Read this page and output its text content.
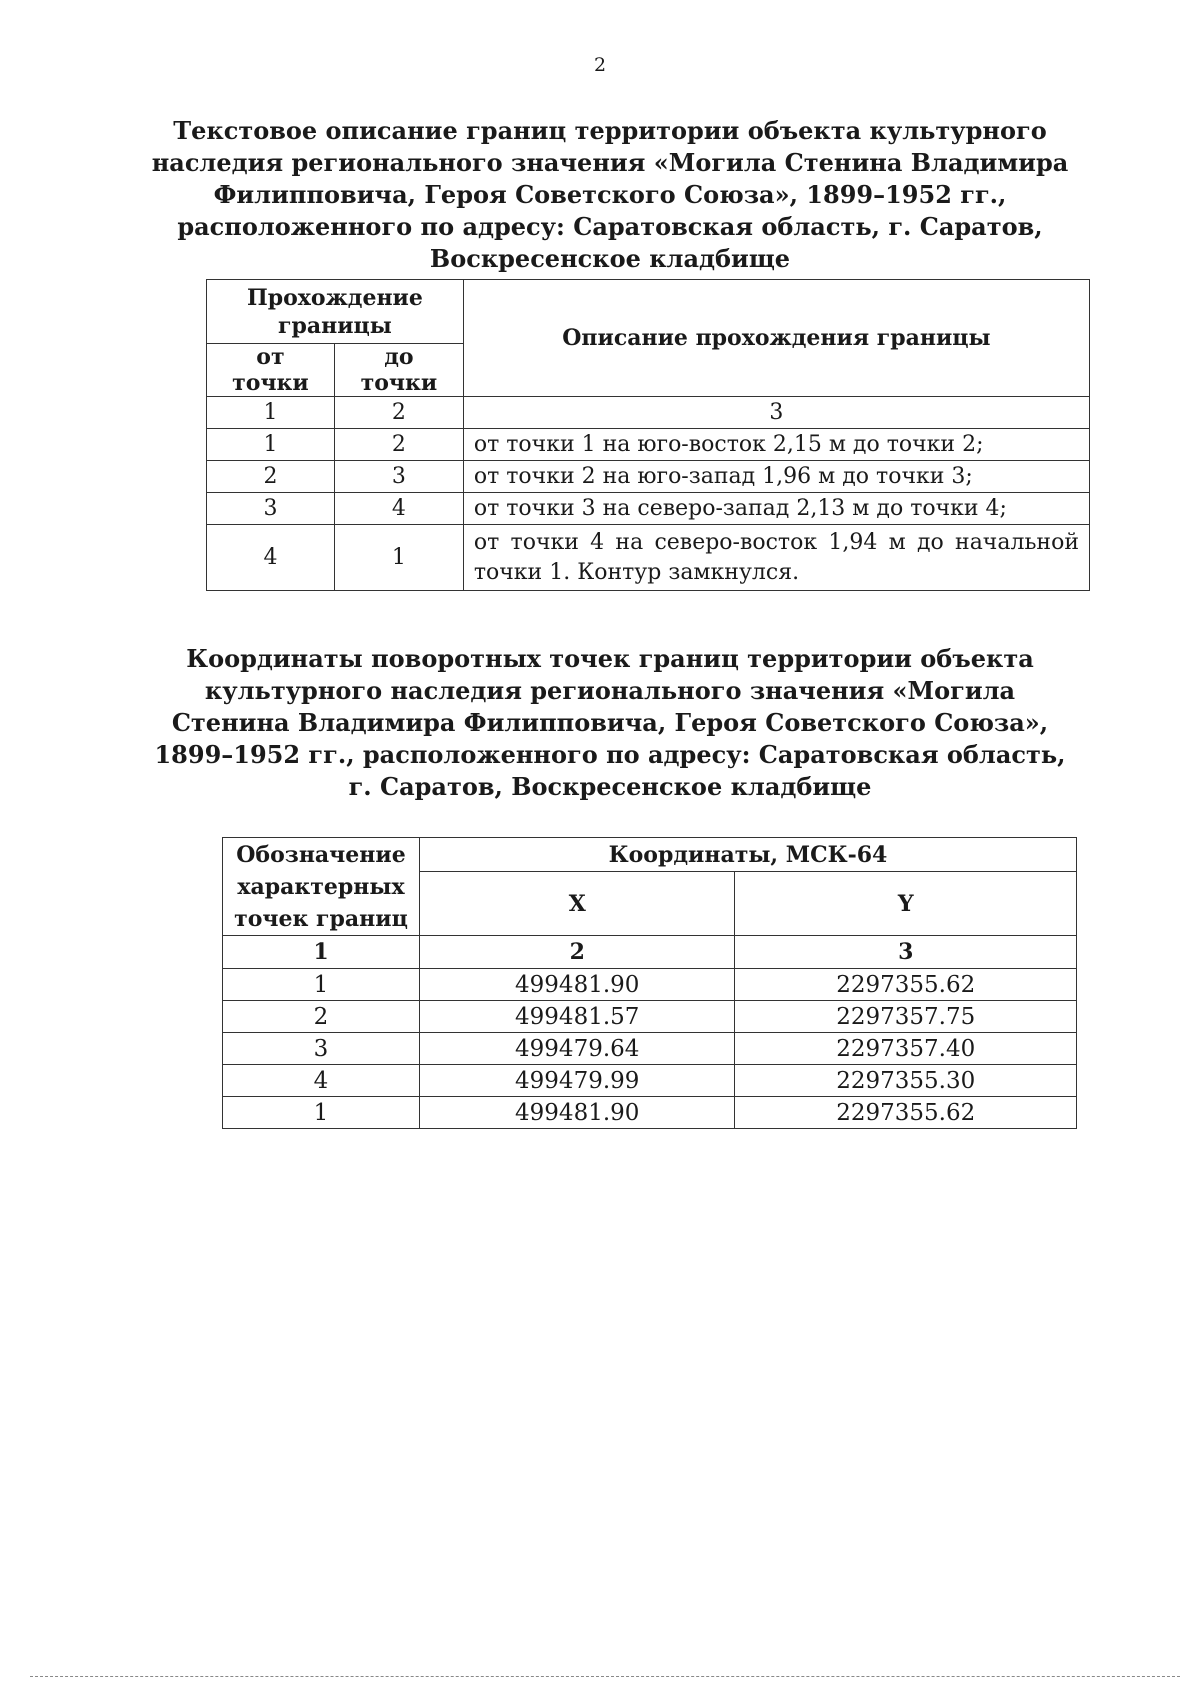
2
Текстовое описание границ территории объекта культурного наследия регионального значения «Могила Стенина Владимира Филипповича, Героя Советского Союза», 1899–1952 гг., расположенного по адресу: Саратовская область, г. Саратов, Воскресенское кладбище
Прохождение границы		Описание прохождения границы
от точки	до точки	
1	2	3
1	2	от точки 1 на юго-восток 2,15 м до точки 2;
2	3	от точки 2 на юго-запад 1,96 м до точки 3;
3	4	от точки 3 на северо-запад 2,13 м до точки 4;
4	1	от точки 4 на северо-восток 1,94 м до начальной точки 1. Контур замкнулся.
Координаты поворотных точек границ территории объекта культурного наследия регионального значения «Могила Стенина Владимира Филипповича, Героя Советского Союза», 1899–1952 гг., расположенного по адресу: Саратовская область, г. Саратов, Воскресенское кладбище
Обозначение характерных точек границ	Координаты, МСК-64	
	X	Y
1	2	3
1	499481.90	2297355.62
2	499481.57	2297357.75
3	499479.64	2297357.40
4	499479.99	2297355.30
1	499481.90	2297355.62
